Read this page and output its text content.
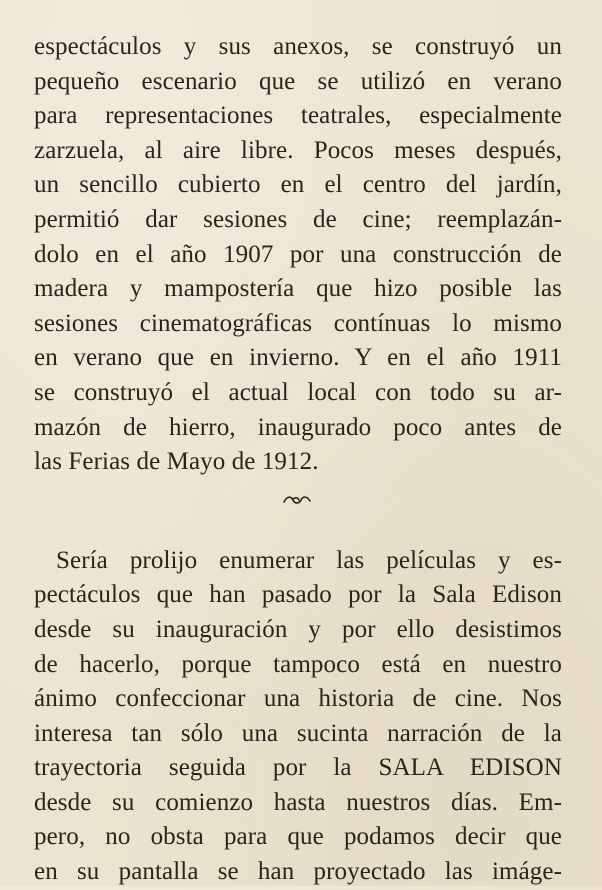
espectáculos y sus anexos, se construyó un
pequeño escenario que se utilizó en verano
para representaciones teatrales, especialmente
zarzuela, al aire libre. Pocos meses después,
un sencillo cubierto en el centro del jardín,
permitió dar sesiones de cine; reemplazán-
dolo en el año 1907 por una construcción de
madera y mampostería que hizo posible las
sesiones cinematográficas contínuas lo mismo
en verano que en invierno. Y en el año 1911
se construyó el actual local con todo su ar-
mazón de hierro, inaugurado poco antes de
las Ferias de Mayo de 1912.
Sería prolijo enumerar las películas y es-
pectáculos que han pasado por la Sala Edison
desde su inauguración y por ello desistimos
de hacerlo, porque tampoco está en nuestro
ánimo confeccionar una historia de cine. Nos
interesa tan sólo una sucinta narración de la
trayectoria seguida por la SALA EDISON
desde su comienzo hasta nuestros días. Em-
pero, no obsta para que podamos decir que
en su pantalla se han proyectado las imáge-
